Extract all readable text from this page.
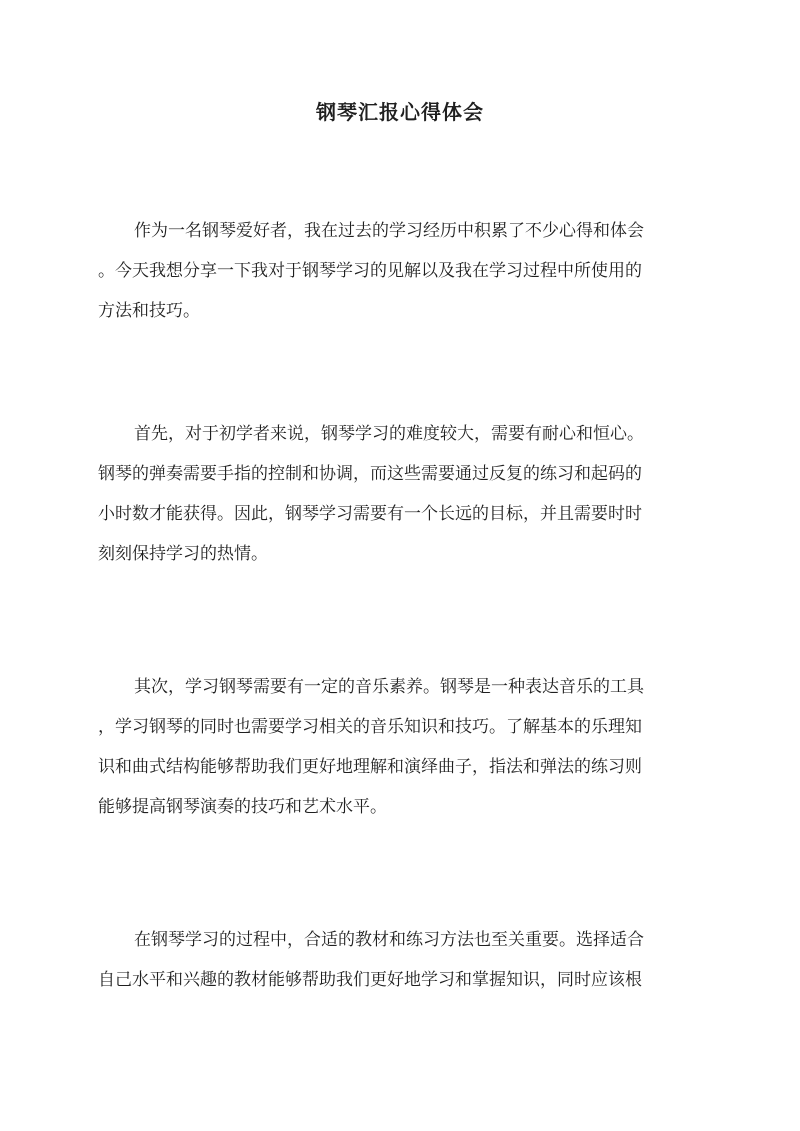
钢琴汇报心得体会
作为一名钢琴爱好者，我在过去的学习经历中积累了不少心得和体会
。今天我想分享一下我对于钢琴学习的见解以及我在学习过程中所使用的
方法和技巧。
首先，对于初学者来说，钢琴学习的难度较大，需要有耐心和恒心。
钢琴的弹奏需要手指的控制和协调，而这些需要通过反复的练习和起码的
小时数才能获得。因此，钢琴学习需要有一个长远的目标，并且需要时时
刻刻保持学习的热情。
其次，学习钢琴需要有一定的音乐素养。钢琴是一种表达音乐的工具
，学习钢琴的同时也需要学习相关的音乐知识和技巧。了解基本的乐理知
识和曲式结构能够帮助我们更好地理解和演绎曲子，指法和弹法的练习则
能够提高钢琴演奏的技巧和艺术水平。
在钢琴学习的过程中，合适的教材和练习方法也至关重要。选择适合
自己水平和兴趣的教材能够帮助我们更好地学习和掌握知识，同时应该根
